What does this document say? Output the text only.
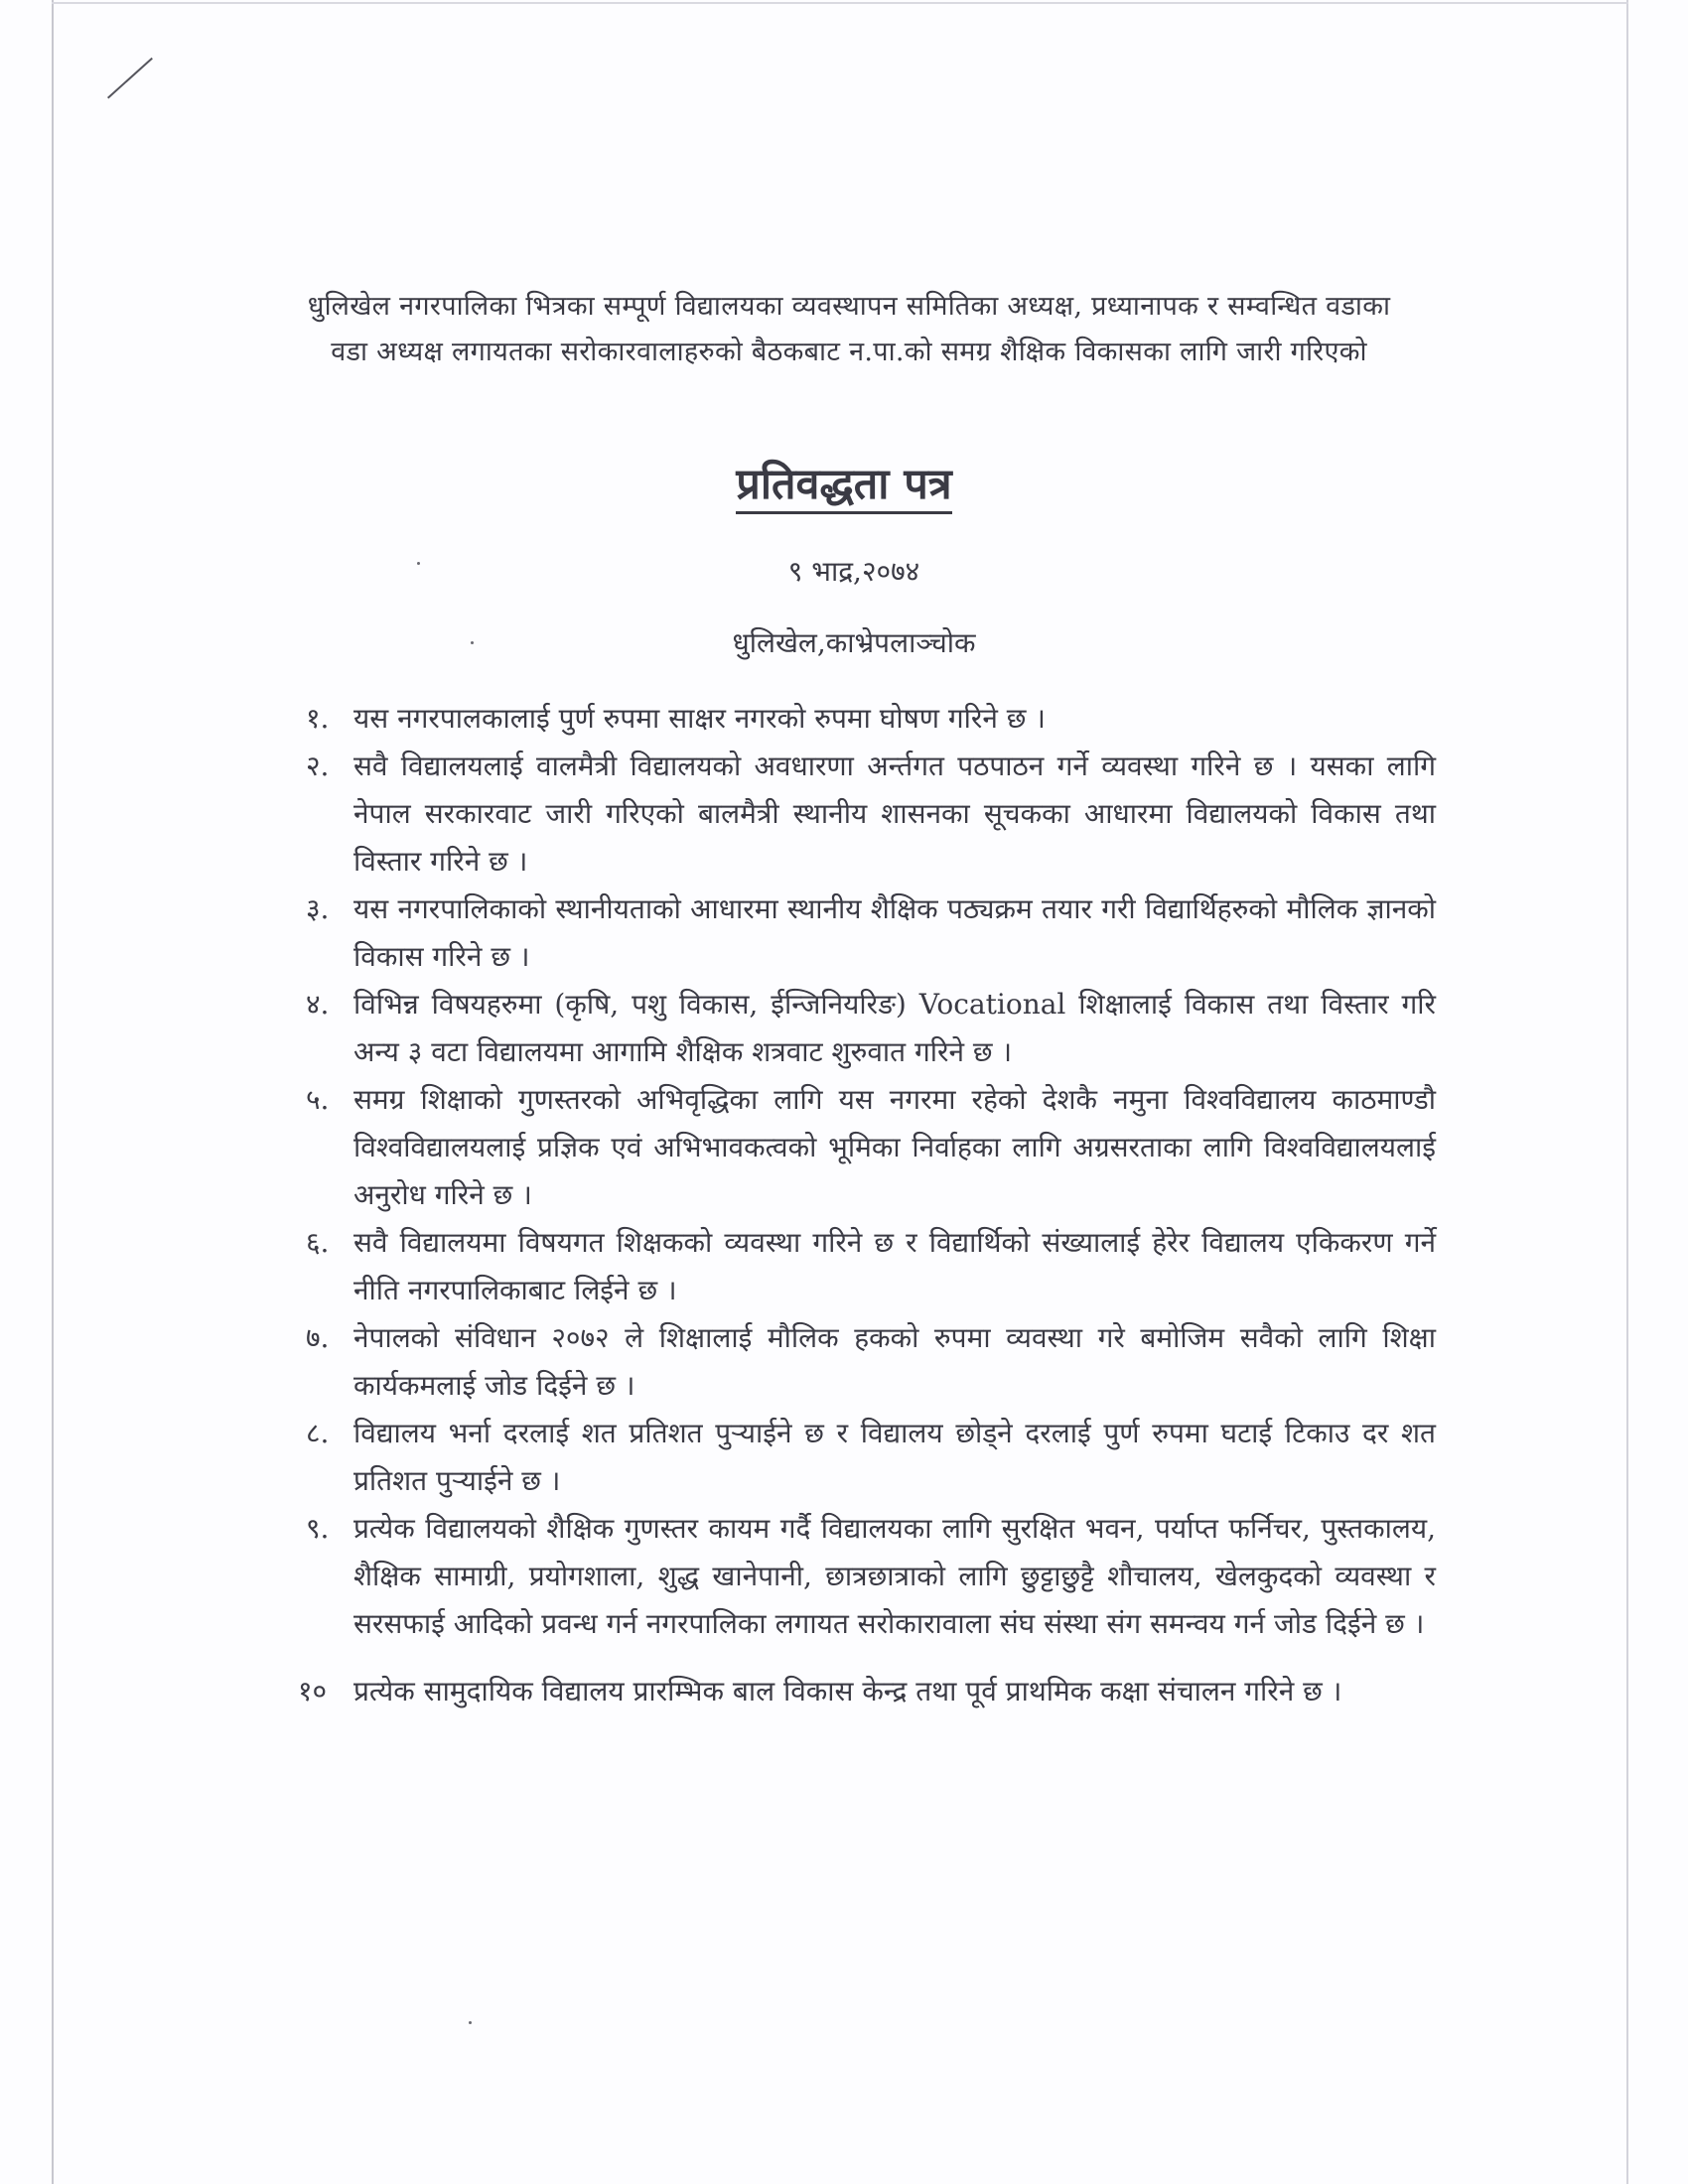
धुलिखेल नगरपालिका भित्रका सम्पूर्ण विद्यालयका व्यवस्थापन समितिका अध्यक्ष, प्रध्यानापक र सम्वन्धित वडाका वडा अध्यक्ष लगायतका सरोकारवालाहरुको बैठकबाट न.पा.को समग्र शैक्षिक विकासका लागि जारी गरिएको
प्रतिवद्धता पत्र
९ भाद्र,२०७४
धुलिखेल,काभ्रेपलाञ्चोक
१. यस नगरपालकालाई पुर्ण रुपमा साक्षर नगरको रुपमा घोषण गरिने छ ।
२. सवै विद्यालयलाई वालमैत्री विद्यालयको अवधारणा अर्न्तगत पठपाठन गर्ने व्यवस्था गरिने छ । यसका लागि नेपाल सरकारवाट जारी गरिएको बालमैत्री स्थानीय शासनका सूचकका आधारमा विद्यालयको विकास तथा विस्तार गरिने छ ।
३. यस नगरपालिकाको स्थानीयताको आधारमा स्थानीय शैक्षिक पठ्यक्रम तयार गरी विद्यार्थिहरुको मौलिक ज्ञानको विकास गरिने छ ।
४. विभिन्न विषयहरुमा (कृषि, पशु विकास, ईन्जिनियरिङ) Vocational शिक्षालाई विकास तथा विस्तार गरि अन्य ३ वटा विद्यालयमा आगामि शैक्षिक शत्रवाट शुरुवात गरिने छ ।
५. समग्र शिक्षाको गुणस्तरको अभिवृद्धिका लागि यस नगरमा रहेको देशकै नमुना विश्वविद्यालय काठमाण्डौ विश्वविद्यालयलाई प्रज्ञिक एवं अभिभावकत्वको भूमिका निर्वाहका लागि अग्रसरताका लागि विश्वविद्यालयलाई अनुरोध गरिने छ ।
६. सवै विद्यालयमा विषयगत शिक्षकको व्यवस्था गरिने छ र विद्यार्थिको संख्यालाई हेरेर विद्यालय एकिकरण गर्ने नीति नगरपालिकाबाट लिईने छ ।
७. नेपालको संविधान २०७२ ले शिक्षालाई मौलिक हकको रुपमा व्यवस्था गरे बमोजिम सवैको लागि शिक्षा कार्यकमलाई जोड दिईने छ ।
८. विद्यालय भर्ना दरलाई शत प्रतिशत पुऱ्याईने छ र विद्यालय छोड्ने दरलाई पुर्ण रुपमा घटाई टिकाउ दर शत प्रतिशत पुऱ्याईने छ ।
९. प्रत्येक विद्यालयको शैक्षिक गुणस्तर कायम गर्दै विद्यालयका लागि सुरक्षित भवन, पर्याप्त फर्निचर, पुस्तकालय, शैक्षिक सामाग्री, प्रयोगशाला, शुद्ध खानेपानी, छात्रछात्राको लागि छुट्टाछुट्टै शौचालय, खेलकुदको व्यवस्था र सरसफाई आदिको प्रवन्ध गर्न नगरपालिका लगायत सरोकारावाला संघ संस्था संग समन्वय गर्न जोड दिईने छ ।
१० प्रत्येक सामुदायिक विद्यालय प्रारम्भिक बाल विकास केन्द्र तथा पूर्व प्राथमिक कक्षा संचालन गरिने छ ।
